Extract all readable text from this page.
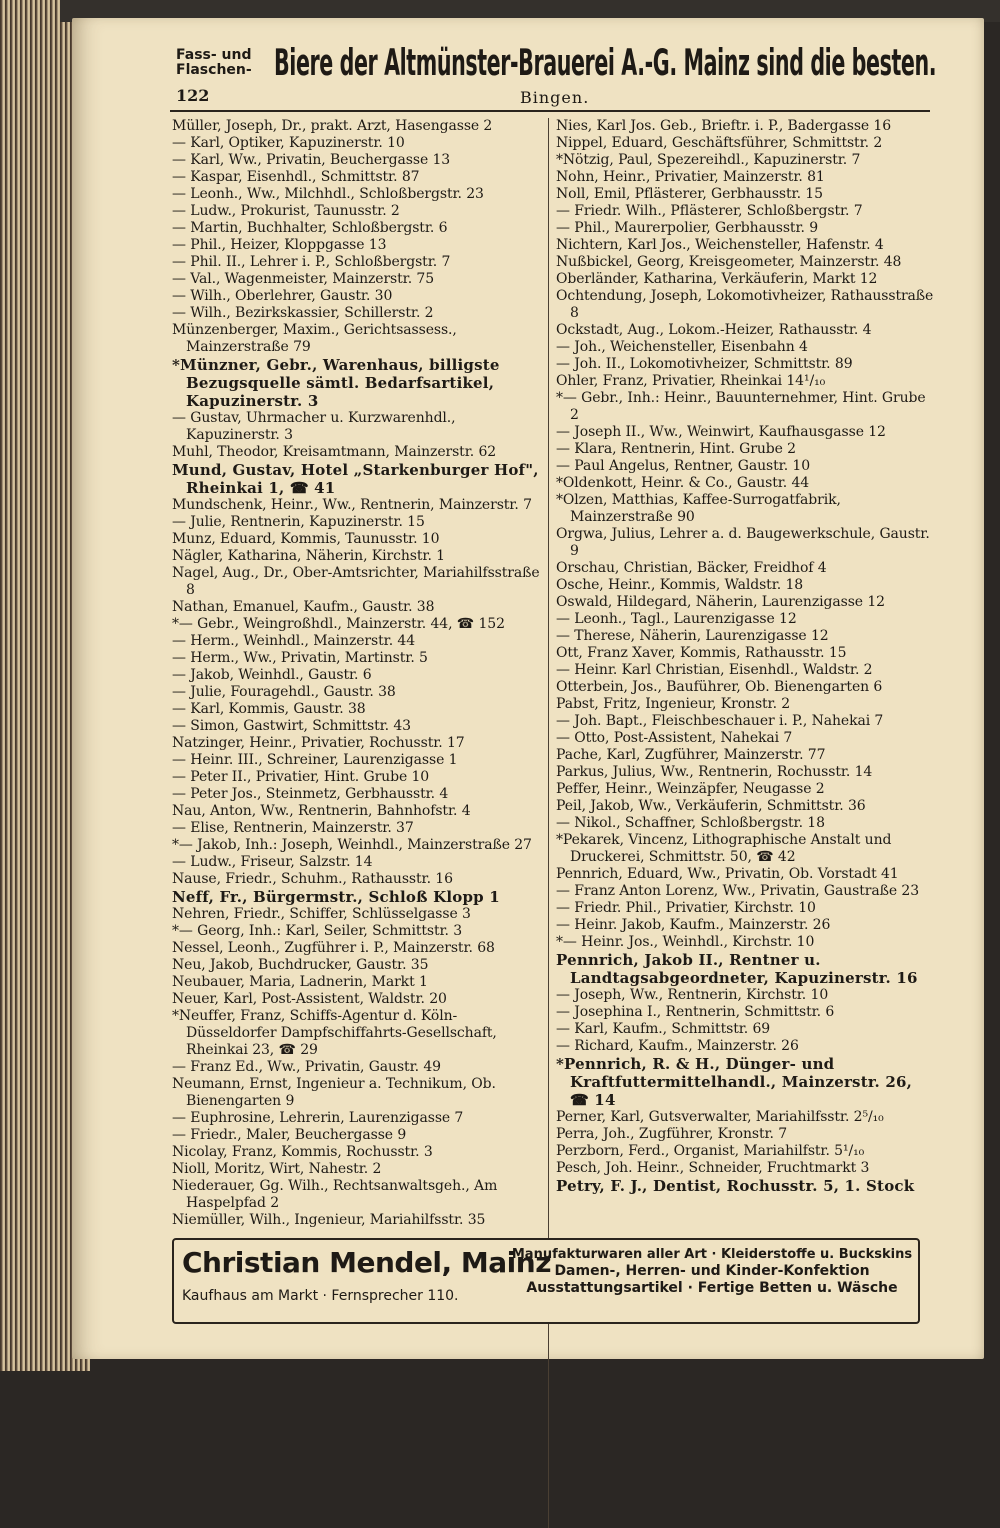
Fass- und
Flaschen- Biere der Altmünster-Brauerei A.-G. Mainz sind die besten.
122	Bingen.
Müller, Joseph, Dr., prakt. Arzt, Hasengasse 2
— Karl, Optiker, Kapuzinerstr. 10
— Karl, Ww., Privatin, Beuchergasse 13
— Kaspar, Eisenhdl., Schmittstr. 87
— Leonh., Ww., Milchhdl., Schloßbergstr. 23
— Ludw., Prokurist, Taunusstr. 2
— Martin, Buchhalter, Schloßbergstr. 6
— Phil., Heizer, Kloppgasse 13
— Phil. II., Lehrer i. P., Schloßbergstr. 7
— Val., Wagenmeister, Mainzerstr. 75
— Wilh., Oberlehrer, Gaustr. 30
— Wilh., Bezirkskassier, Schillerstr. 2
Münzenberger, Maxim., Gerichtsassess., Mainzerstraße 79
*Münzner, Gebr., Warenhaus, billigste Bezugsquelle sämtl. Bedarfsartikel, Kapuzinerstr. 3
— Gustav, Uhrmacher u. Kurzwarenhdl., Kapuzinerstr. 3
Muhl, Theodor, Kreisamtmann, Mainzerstr. 62
Mund, Gustav, Hotel „Starkenburger Hof", Rheinkai 1, ☎ 41
Mundschenk, Heinr., Ww., Rentnerin, Mainzerstr. 7
— Julie, Rentnerin, Kapuzinerstr. 15
Munz, Eduard, Kommis, Taunusstr. 10
Nägler, Katharina, Näherin, Kirchstr. 1
Nagel, Aug., Dr., Ober-Amtsrichter, Mariahilfsstraße 8
Nathan, Emanuel, Kaufm., Gaustr. 38
*— Gebr., Weingroßhdl., Mainzerstr. 44, ☎ 152
— Herm., Weinhdl., Mainzerstr. 44
— Herm., Ww., Privatin, Martinstr. 5
— Jakob, Weinhdl., Gaustr. 6
— Julie, Fouragehdl., Gaustr. 38
— Karl, Kommis, Gaustr. 38
— Simon, Gastwirt, Schmittstr. 43
Natzinger, Heinr., Privatier, Rochusstr. 17
— Heinr. III., Schreiner, Laurenzigasse 1
— Peter II., Privatier, Hint. Grube 10
— Peter Jos., Steinmetz, Gerbhausstr. 4
Nau, Anton, Ww., Rentnerin, Bahnhofstr. 4
— Elise, Rentnerin, Mainzerstr. 37
*— Jakob, Inh.: Joseph, Weinhdl., Mainzerstraße 27
— Ludw., Friseur, Salzstr. 14
Nause, Friedr., Schuhm., Rathausstr. 16
Neff, Fr., Bürgermstr., Schloß Klopp 1
Nehren, Friedr., Schiffer, Schlüsselgasse 3
*— Georg, Inh.: Karl, Seiler, Schmittstr. 3
Nessel, Leonh., Zugführer i. P., Mainzerstr. 68
Neu, Jakob, Buchdrucker, Gaustr. 35
Neubauer, Maria, Ladnerin, Markt 1
Neuer, Karl, Post-Assistent, Waldstr. 20
*Neuffer, Franz, Schiffs-Agentur d. Köln-Düsseldorfer Dampfschiffahrts-Gesellschaft, Rheinkai 23, ☎ 29
— Franz Ed., Ww., Privatin, Gaustr. 49
Neumann, Ernst, Ingenieur a. Technikum, Ob. Bienengarten 9
— Euphrosine, Lehrerin, Laurenzigasse 7
— Friedr., Maler, Beuchergasse 9
Nicolay, Franz, Kommis, Rochusstr. 3
Nioll, Moritz, Wirt, Nahestr. 2
Niederauer, Gg. Wilh., Rechtsanwaltsgeh., Am Haspelpfad 2
Niemüller, Wilh., Ingenieur, Mariahilfsstr. 35
Nies, Karl Jos. Geb., Brieftr. i. P., Badergasse 16
Nippel, Eduard, Geschäftsführer, Schmittstr. 2
*Nötzig, Paul, Spezereihdl., Kapuzinerstr. 7
Nohn, Heinr., Privatier, Mainzerstr. 81
Noll, Emil, Pflästerer, Gerbhausstr. 15
— Friedr. Wilh., Pflästerer, Schloßbergstr. 7
— Phil., Maurerpolier, Gerbhausstr. 9
Nichtern, Karl Jos., Weichensteller, Hafenstr. 4
Nußbickel, Georg, Kreisgeometer, Mainzerstr. 48
Oberländer, Katharina, Verkäuferin, Markt 12
Ochtendung, Joseph, Lokomotivheizer, Rathausstraße 8
Ockstadt, Aug., Lokom.-Heizer, Rathausstr. 4
— Joh., Weichensteller, Eisenbahn 4
— Joh. II., Lokomotivheizer, Schmittstr. 89
Ohler, Franz, Privatier, Rheinkai 14¹/₁₀
*— Gebr., Inh.: Heinr., Bauunternehmer, Hint. Grube 2
— Joseph II., Ww., Weinwirt, Kaufhausgasse 12
— Klara, Rentnerin, Hint. Grube 2
— Paul Angelus, Rentner, Gaustr. 10
*Oldenkott, Heinr. & Co., Gaustr. 44
*Olzen, Matthias, Kaffee-Surrogatfabrik, Mainzerstraße 90
Orgwa, Julius, Lehrer a. d. Baugewerkschule, Gaustr. 9
Orschau, Christian, Bäcker, Freidhof 4
Osche, Heinr., Kommis, Waldstr. 18
Oswald, Hildegard, Näherin, Laurenzigasse 12
— Leonh., Tagl., Laurenzigasse 12
— Therese, Näherin, Laurenzigasse 12
Ott, Franz Xaver, Kommis, Rathausstr. 15
— Heinr. Karl Christian, Eisenhdl., Waldstr. 2
Otterbein, Jos., Bauführer, Ob. Bienengarten 6
Pabst, Fritz, Ingenieur, Kronstr. 2
— Joh. Bapt., Fleischbeschauer i. P., Nahekai 7
— Otto, Post-Assistent, Nahekai 7
Pache, Karl, Zugführer, Mainzerstr. 77
Parkus, Julius, Ww., Rentnerin, Rochusstr. 14
Peffer, Heinr., Weinzäpfer, Neugasse 2
Peil, Jakob, Ww., Verkäuferin, Schmittstr. 36
— Nikol., Schaffner, Schloßbergstr. 18
*Pekarek, Vincenz, Lithographische Anstalt und Druckerei, Schmittstr. 50, ☎ 42
Pennrich, Eduard, Ww., Privatin, Ob. Vorstadt 41
— Franz Anton Lorenz, Ww., Privatin, Gaustraße 23
— Friedr. Phil., Privatier, Kirchstr. 10
— Heinr. Jakob, Kaufm., Mainzerstr. 26
*— Heinr. Jos., Weinhdl., Kirchstr. 10
Pennrich, Jakob II., Rentner u. Landtagsabgeordneter, Kapuzinerstr. 16
— Joseph, Ww., Rentnerin, Kirchstr. 10
— Josephina I., Rentnerin, Schmittstr. 6
— Karl, Kaufm., Schmittstr. 69
— Richard, Kaufm., Mainzerstr. 26
*Pennrich, R. & H., Dünger- und Kraftfuttermittelhandl., Mainzerstr. 26, ☎ 14
Perner, Karl, Gutsverwalter, Mariahilfsstr. 2⁵/₁₀
Perra, Joh., Zugführer, Kronstr. 7
Perzborn, Ferd., Organist, Mariahilfstr. 5¹/₁₀
Pesch, Joh. Heinr., Schneider, Fruchtmarkt 3
Petry, F. J., Dentist, Rochusstr. 5, 1. Stock
Christian Mendel, Mainz
Kaufhaus am Markt · Fernsprecher 110.
Manufakturwaren aller Art · Kleiderstoffe u. Buckskins
Damen-, Herren- und Kinder-Konfektion
Ausstattungsartikel · Fertige Betten u. Wäsche
